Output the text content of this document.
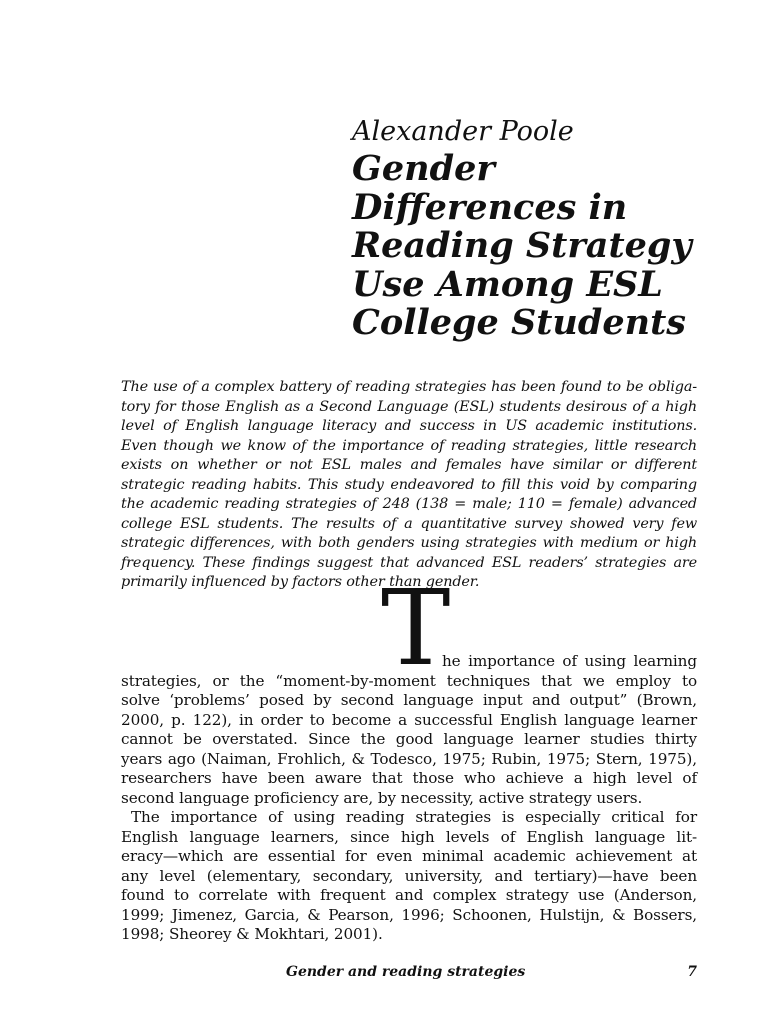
Alexander Poole
Gender
Differences in
Reading Strategy
Use Among ESL
College Students
The use of a complex battery of reading strategies has been found to be obliga-
tory for those English as a Second Language (ESL) students desirous of a high
level of English language literacy and success in US academic institutions.
Even though we know of the importance of reading strategies, little research
exists on whether or not ESL males and females have similar or different
strategic reading habits. This study endeavored to fill this void by comparing
the academic reading strategies of 248 (138 = male; 110 = female) advanced
college ESL students. The results of a quantitative survey showed very few
strategic differences, with both genders using strategies with medium or high
frequency. These findings suggest that advanced ESL readers’ strategies are
primarily influenced by factors other than gender.
T
he importance of using learning
strategies, or the “moment-by-moment techniques that we employ to
solve ‘problems’ posed by second language input and output” (Brown,
2000, p. 122), in order to become a successful English language learner
cannot be overstated. Since the good language learner studies thirty
years ago (Naiman, Frohlich, & Todesco, 1975; Rubin, 1975; Stern, 1975),
researchers have been aware that those who achieve a high level of
second language proficiency are, by necessity, active strategy users.
The importance of using reading strategies is especially critical for
English language learners, since high levels of English language lit-
eracy—which are essential for even minimal academic achievement at
any level (elementary, secondary, university, and tertiary)—have been
found to correlate with frequent and complex strategy use (Anderson,
1999; Jimenez, Garcia, & Pearson, 1996; Schoonen, Hulstijn, & Bossers,
1998; Sheorey & Mokhtari, 2001).
Gender and reading strategies	7
